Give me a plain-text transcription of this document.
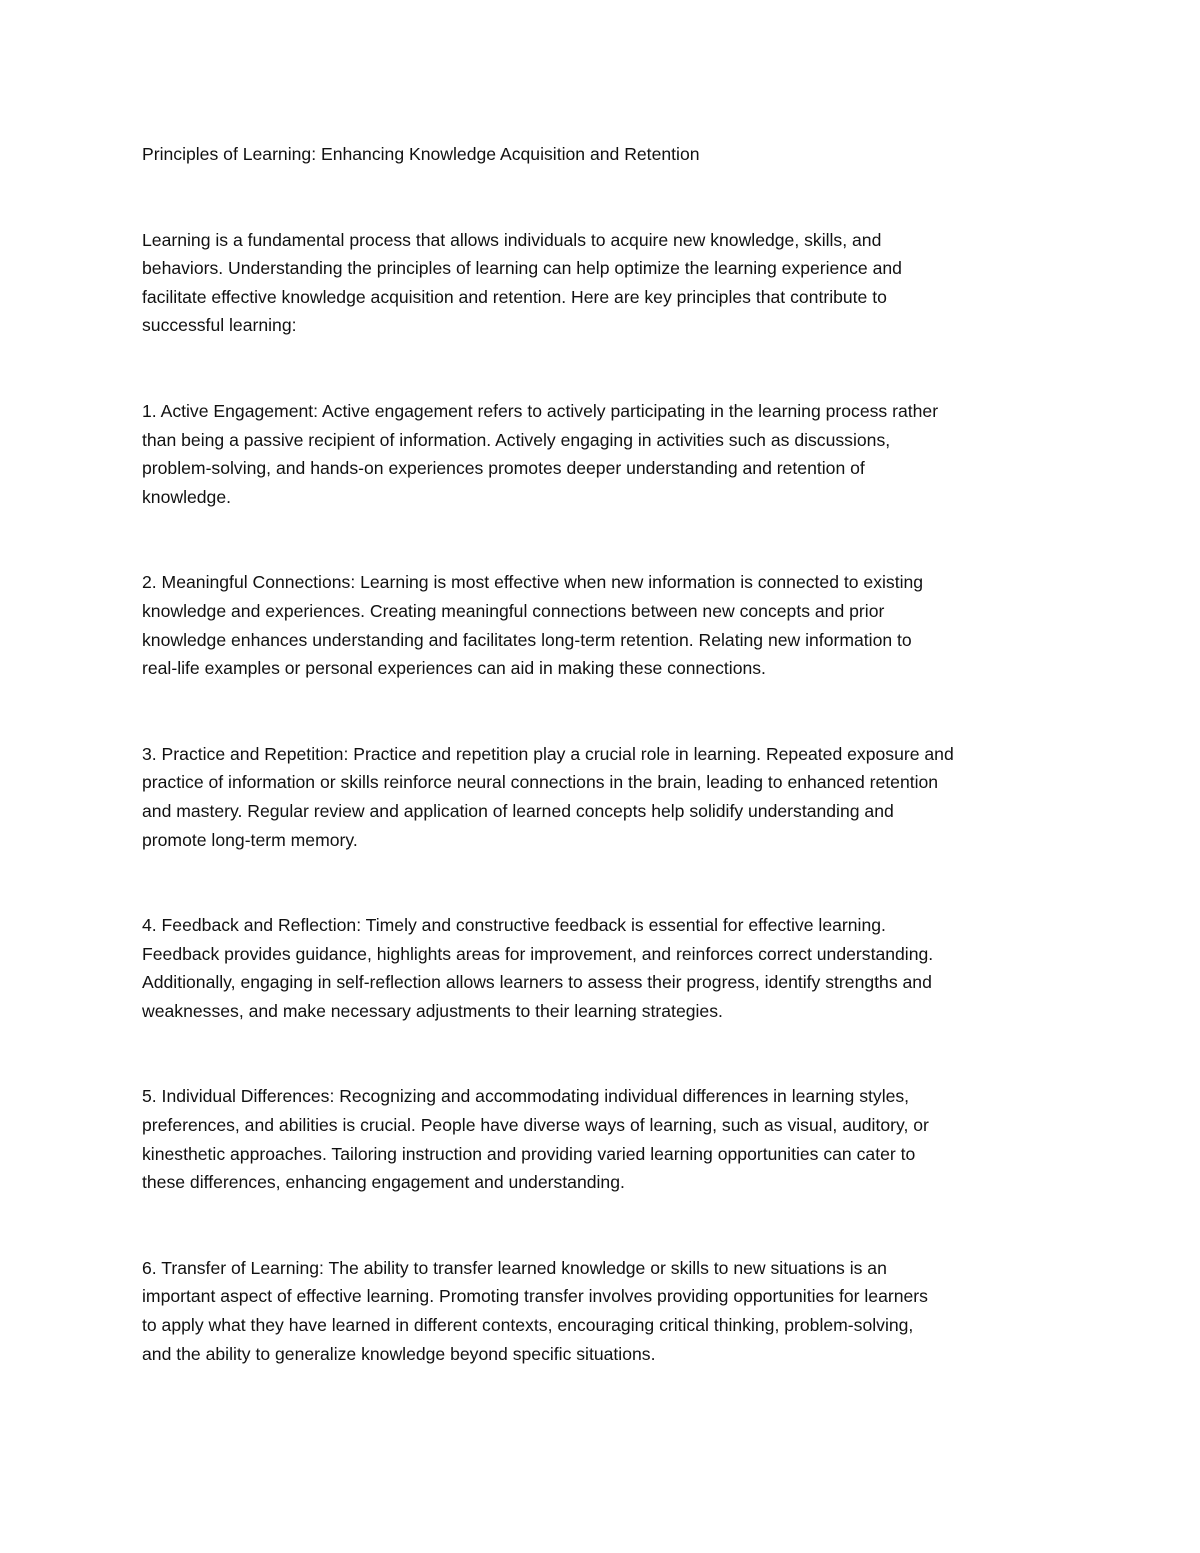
Principles of Learning: Enhancing Knowledge Acquisition and Retention

Learning is a fundamental process that allows individuals to acquire new knowledge, skills, and
behaviors. Understanding the principles of learning can help optimize the learning experience and
facilitate effective knowledge acquisition and retention. Here are key principles that contribute to
successful learning:

1. Active Engagement: Active engagement refers to actively participating in the learning process rather
than being a passive recipient of information. Actively engaging in activities such as discussions,
problem-solving, and hands-on experiences promotes deeper understanding and retention of
knowledge.

2. Meaningful Connections: Learning is most effective when new information is connected to existing
knowledge and experiences. Creating meaningful connections between new concepts and prior
knowledge enhances understanding and facilitates long-term retention. Relating new information to
real-life examples or personal experiences can aid in making these connections.

3. Practice and Repetition: Practice and repetition play a crucial role in learning. Repeated exposure and
practice of information or skills reinforce neural connections in the brain, leading to enhanced retention
and mastery. Regular review and application of learned concepts help solidify understanding and
promote long-term memory.

4. Feedback and Reflection: Timely and constructive feedback is essential for effective learning.
Feedback provides guidance, highlights areas for improvement, and reinforces correct understanding.
Additionally, engaging in self-reflection allows learners to assess their progress, identify strengths and
weaknesses, and make necessary adjustments to their learning strategies.

5. Individual Differences: Recognizing and accommodating individual differences in learning styles,
preferences, and abilities is crucial. People have diverse ways of learning, such as visual, auditory, or
kinesthetic approaches. Tailoring instruction and providing varied learning opportunities can cater to
these differences, enhancing engagement and understanding.

6. Transfer of Learning: The ability to transfer learned knowledge or skills to new situations is an
important aspect of effective learning. Promoting transfer involves providing opportunities for learners
to apply what they have learned in different contexts, encouraging critical thinking, problem-solving,
and the ability to generalize knowledge beyond specific situations.
